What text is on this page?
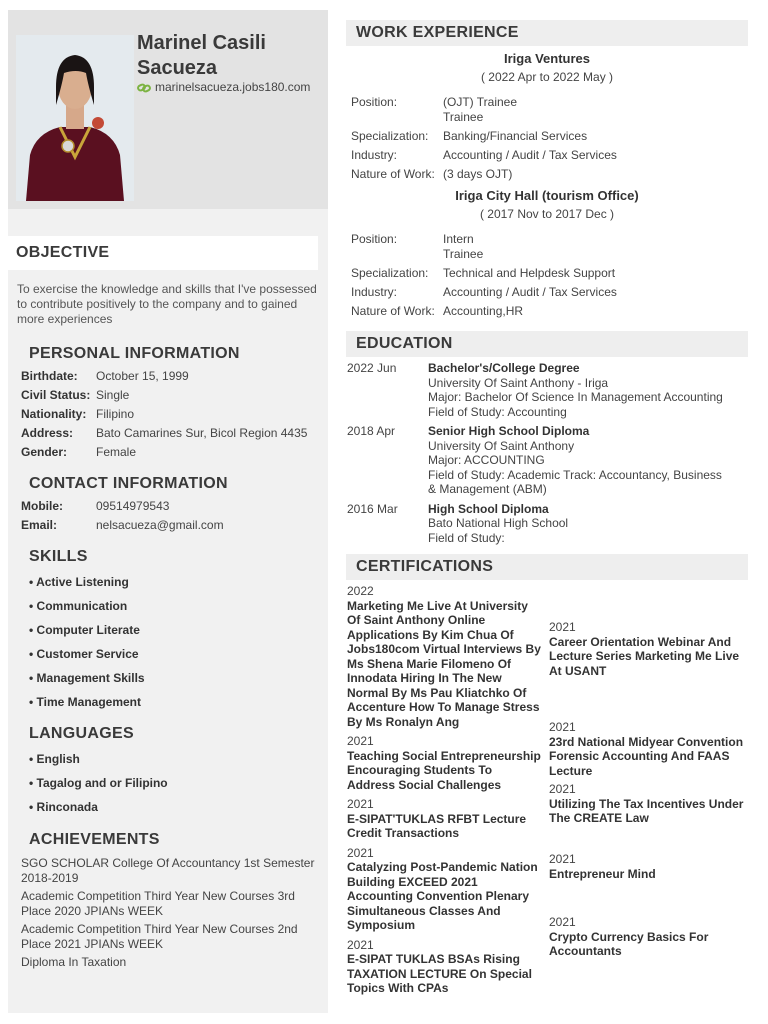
Marinel Casili
Sacueza
marinelsacueza.jobs180.com
OBJECTIVE
To exercise the knowledge and skills that I've possessed to contribute positively to the company and to gained more experiences
PERSONAL INFORMATION
Birthdate:	October 15, 1999
Civil Status: Single
Nationality: Filipino
Address:	Bato Camarines Sur, Bicol Region 4435
Gender:	Female
CONTACT INFORMATION
Mobile:	09514979543
Email:	nelsacueza@gmail.com
SKILLS
• Active Listening
• Communication
• Computer Literate
• Customer Service
• Management Skills
• Time Management
LANGUAGES
• English
• Tagalog and or Filipino
• Rinconada
ACHIEVEMENTS
SGO SCHOLAR College Of Accountancy 1st Semester 2018-2019
Academic Competition Third Year New Courses 3rd Place 2020 JPIANs WEEK
Academic Competition Third Year New Courses 2nd Place 2021 JPIANs WEEK
Diploma In Taxation
WORK EXPERIENCE
Iriga Ventures
( 2022 Apr to 2022 May )
Position:	(OJT) Trainee
Trainee
Specialization:	Banking/Financial Services
Industry:	Accounting / Audit / Tax Services
Nature of Work: (3 days OJT)
Iriga City Hall (tourism Office)
( 2017 Nov to 2017 Dec )
Position:	Intern
Trainee
Specialization:	Technical and Helpdesk Support
Industry:	Accounting / Audit / Tax Services
Nature of Work: Accounting,HR
EDUCATION
2022 Jun	Bachelor's/College Degree
University Of Saint Anthony - Iriga
Major: Bachelor Of Science In Management Accounting
Field of Study: Accounting
2018 Apr	Senior High School Diploma
University Of Saint Anthony
Major: ACCOUNTING
Field of Study: Academic Track: Accountancy, Business & Management (ABM)
2016 Mar	High School Diploma
Bato National High School
Field of Study:
CERTIFICATIONS
2022
Marketing Me Live At University Of Saint Anthony Online Applications By Kim Chua Of Jobs180com Virtual Interviews By Ms Shena Marie Filomeno Of Innodata Hiring In The New Normal By Ms Pau Kliatchko Of Accenture How To Manage Stress By Ms Ronalyn Ang
2021
Teaching Social Entrepreneurship Encouraging Students To Address Social Challenges
2021
E-SIPAT'TUKLAS RFBT Lecture Credit Transactions
2021
Catalyzing Post-Pandemic Nation Building EXCEED 2021 Accounting Convention Plenary Simultaneous Classes And Symposium
2021
E-SIPAT TUKLAS BSAs Rising TAXATION LECTURE On Special Topics With CPAs
2021
Career Orientation Webinar And Lecture Series Marketing Me Live At USANT
2021
23rd National Midyear Convention Forensic Accounting And FAAS Lecture
2021
Utilizing The Tax Incentives Under The CREATE Law
2021
Entrepreneur Mind
2021
Crypto Currency Basics For Accountants
